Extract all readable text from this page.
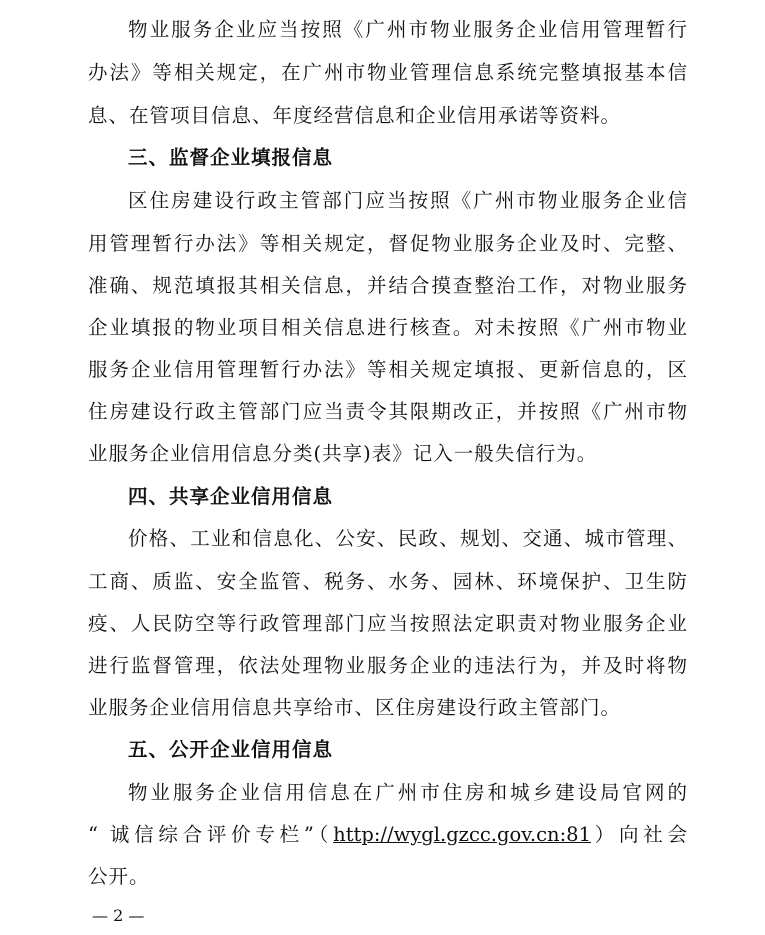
物业服务企业应当按照《广州市物业服务企业信用管理暂行
办法》等相关规定，在广州市物业管理信息系统完整填报基本信
息、在管项目信息、年度经营信息和企业信用承诺等资料。
三、监督企业填报信息
区住房建设行政主管部门应当按照《广州市物业服务企业信
用管理暂行办法》等相关规定，督促物业服务企业及时、完整、
准确、规范填报其相关信息，并结合摸查整治工作，对物业服务
企业填报的物业项目相关信息进行核查。对未按照《广州市物业
服务企业信用管理暂行办法》等相关规定填报、更新信息的，区
住房建设行政主管部门应当责令其限期改正，并按照《广州市物
业服务企业信用信息分类(共享)表》记入一般失信行为。
四、共享企业信用信息
价格、工业和信息化、公安、民政、规划、交通、城市管理、
工商、质监、安全监管、税务、水务、园林、环境保护、卫生防
疫、人民防空等行政管理部门应当按照法定职责对物业服务企业
进行监督管理，依法处理物业服务企业的违法行为，并及时将物
业服务企业信用信息共享给市、区住房建设行政主管部门。
五、公开企业信用信息
物业服务企业信用信息在广州市住房和城乡建设局官网的
“ 诚信综合评价专栏”（http://wygl.gzcc.gov.cn:81）向社会
公开。
— 2 —
